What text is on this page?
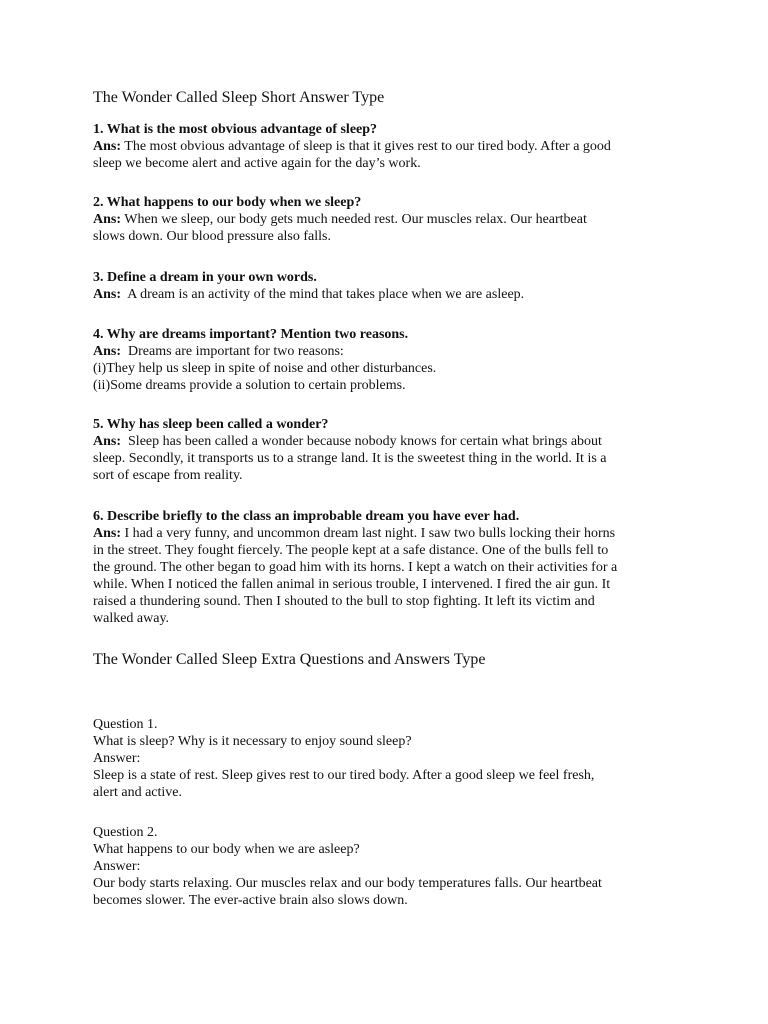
The Wonder Called Sleep Short Answer Type
1. What is the most obvious advantage of sleep?
Ans: The most obvious advantage of sleep is that it gives rest to our tired body. After a good
sleep we become alert and active again for the day’s work.
2. What happens to our body when we sleep?
Ans: When we sleep, our body gets much needed rest. Our muscles relax. Our heartbeat
slows down. Our blood pressure also falls.
3. Define a dream in your own words.
Ans:  A dream is an activity of the mind that takes place when we are asleep.
4. Why are dreams important? Mention two reasons.
Ans:  Dreams are important for two reasons:
(i)They help us sleep in spite of noise and other disturbances.
(ii)Some dreams provide a solution to certain problems.
5. Why has sleep been called a wonder?
Ans:  Sleep has been called a wonder because nobody knows for certain what brings about
sleep. Secondly, it transports us to a strange land. It is the sweetest thing in the world. It is a
sort of escape from reality.
6. Describe briefly to the class an improbable dream you have ever had.
Ans: I had a very funny, and uncommon dream last night. I saw two bulls locking their horns
in the street. They fought fiercely. The people kept at a safe distance. One of the bulls fell to
the ground. The other began to goad him with its horns. I kept a watch on their activities for a
while. When I noticed the fallen animal in serious trouble, I intervened. I fired the air gun. It
raised a thundering sound. Then I shouted to the bull to stop fighting. It left its victim and
walked away.
The Wonder Called Sleep Extra Questions and Answers Type
Question 1.
What is sleep? Why is it necessary to enjoy sound sleep?
Answer:
Sleep is a state of rest. Sleep gives rest to our tired body. After a good sleep we feel fresh,
alert and active.
Question 2.
What happens to our body when we are asleep?
Answer:
Our body starts relaxing. Our muscles relax and our body temperatures falls. Our heartbeat
becomes slower. The ever-active brain also slows down.
